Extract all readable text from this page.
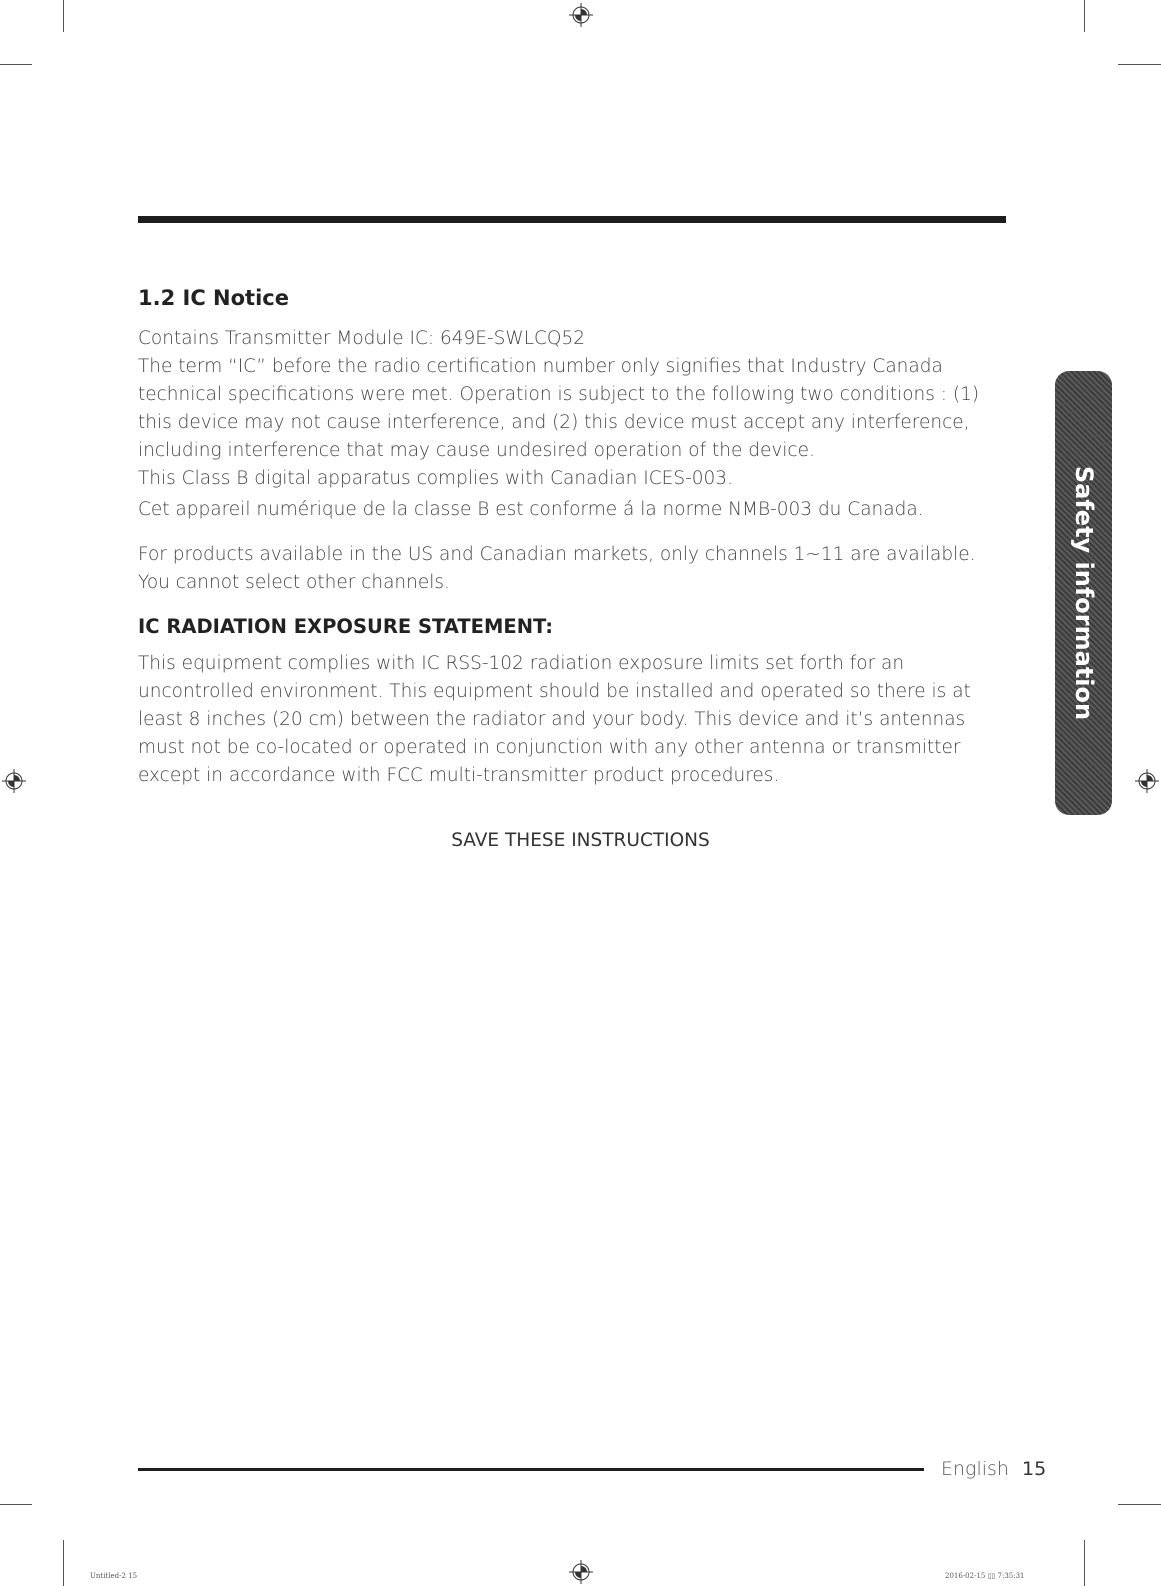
1.2 IC Notice

Contains Transmitter Module IC: 649E-SWLCQ52

The term “IC” before the radio certification number only signifies that Industry Canada technical specifications were met. Operation is subject to the following two conditions : (1) this device may not cause interference, and (2) this device must accept any interference, including interference that may cause undesired operation of the device.

This Class B digital apparatus complies with Canadian ICES-003.

Cet appareil numérique de la classe B est conforme á la norme NMB-003 du Canada.

For products available in the US and Canadian markets, only channels 1~11 are available.

You cannot select other channels.

IC RADIATION EXPOSURE STATEMENT:

This equipment complies with IC RSS-102 radiation exposure limits set forth for an uncontrolled environment. This equipment should be installed and operated so there is at least 8 inches (20 cm) between the radiator and your body. This device and it’s antennas must not be co-located or operated in conjunction with any other antenna or transmitter except in accordance with FCC multi-transmitter product procedures.

SAVE THESE INSTRUCTIONS
Safety information
English 15
Untitled-2 15	2016-02-15 ▯▯ 7:35:31
